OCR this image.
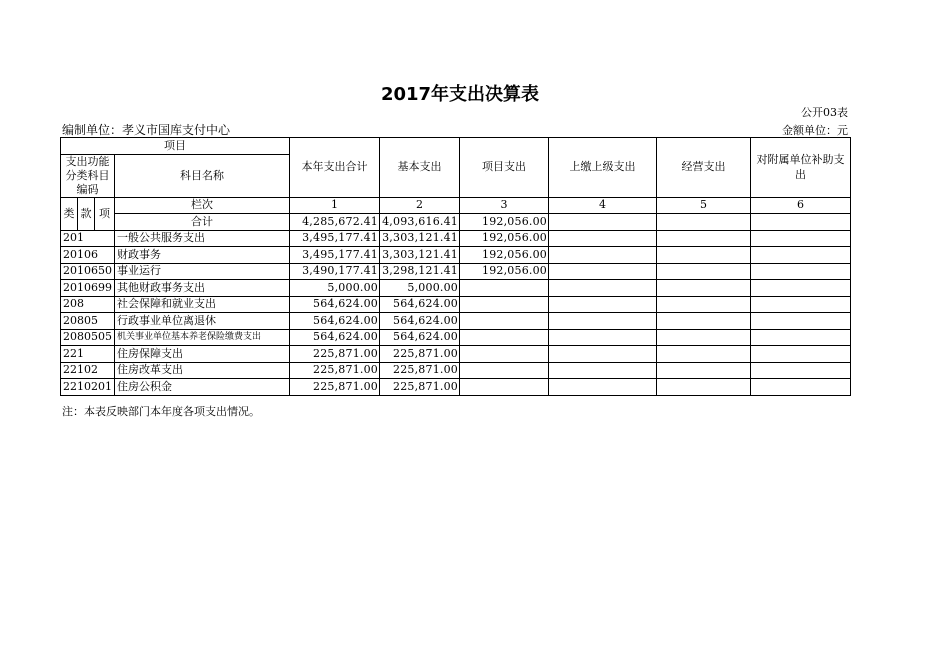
2017年支出决算表
公开03表
编制单位：孝义市国库支付中心	金额单位：元
项目				本年支出合计	基本支出	项目支出	上缴上级支出	经营支出	对附属单位补助支出
支出功能分类科目编码			科目名称						

类	款	项	栏次	1	2	3	4	5	6
			合计	4,285,672.41	4,093,616.41	192,056.00			
201			一般公共服务支出	3,495,177.41	3,303,121.41	192,056.00			
20106			财政事务	3,495,177.41	3,303,121.41	192,056.00			
2010650			事业运行	3,490,177.41	3,298,121.41	192,056.00			
2010699			其他财政事务支出	5,000.00	5,000.00				
208			社会保障和就业支出	564,624.00	564,624.00				
20805			行政事业单位离退休	564,624.00	564,624.00				
2080505			机关事业单位基本养老保险缴费支出	564,624.00	564,624.00				
221			住房保障支出	225,871.00	225,871.00				
22102			住房改革支出	225,871.00	225,871.00				
2210201			住房公积金	225,871.00	225,871.00				
注：本表反映部门本年度各项支出情况。
